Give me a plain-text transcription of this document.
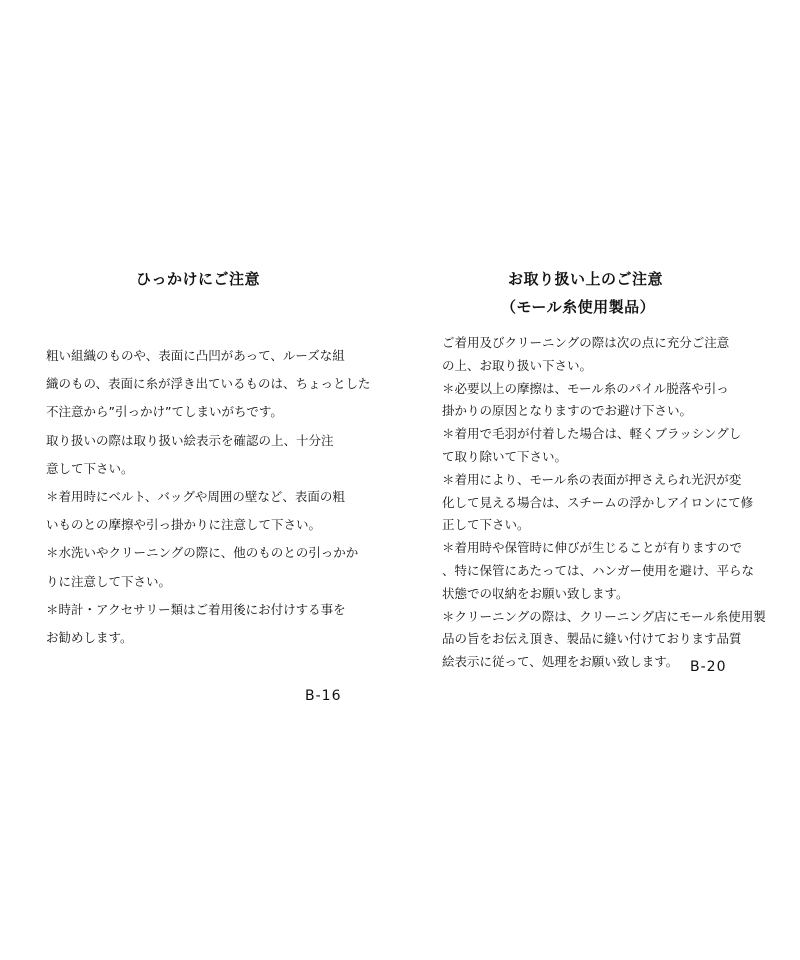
ひっかけにご注意
粗い組織のものや、表面に凸凹があって、ルーズな組
織のもの、表面に糸が浮き出ているものは、ちょっとした
不注意から”引っかけ”てしまいがちです。
取り扱いの際は取り扱い絵表示を確認の上、十分注
意して下さい。
＊着用時にベルト、バッグや周囲の壁など、表面の粗
いものとの摩擦や引っ掛かりに注意して下さい。
＊水洗いやクリーニングの際に、他のものとの引っかか
りに注意して下さい。
＊時計・アクセサリー類はご着用後にお付けする事を
お勧めします。
B-16
お取り扱い上のご注意
（モール糸使用製品）
ご着用及びクリーニングの際は次の点に充分ご注意
の上、お取り扱い下さい。
＊必要以上の摩擦は、モール糸のパイル脱落や引っ
掛かりの原因となりますのでお避け下さい。
＊着用で毛羽が付着した場合は、軽くブラッシングし
て取り除いて下さい。
＊着用により、モール糸の表面が押さえられ光沢が変
化して見える場合は、スチームの浮かしアイロンにて修
正して下さい。
＊着用時や保管時に伸びが生じることが有りますので
、特に保管にあたっては、ハンガー使用を避け、平らな
状態での収納をお願い致します。
＊クリーニングの際は、クリーニング店にモール糸使用製
品の旨をお伝え頂き、製品に縫い付けております品質
絵表示に従って、処理をお願い致します。 B-20
